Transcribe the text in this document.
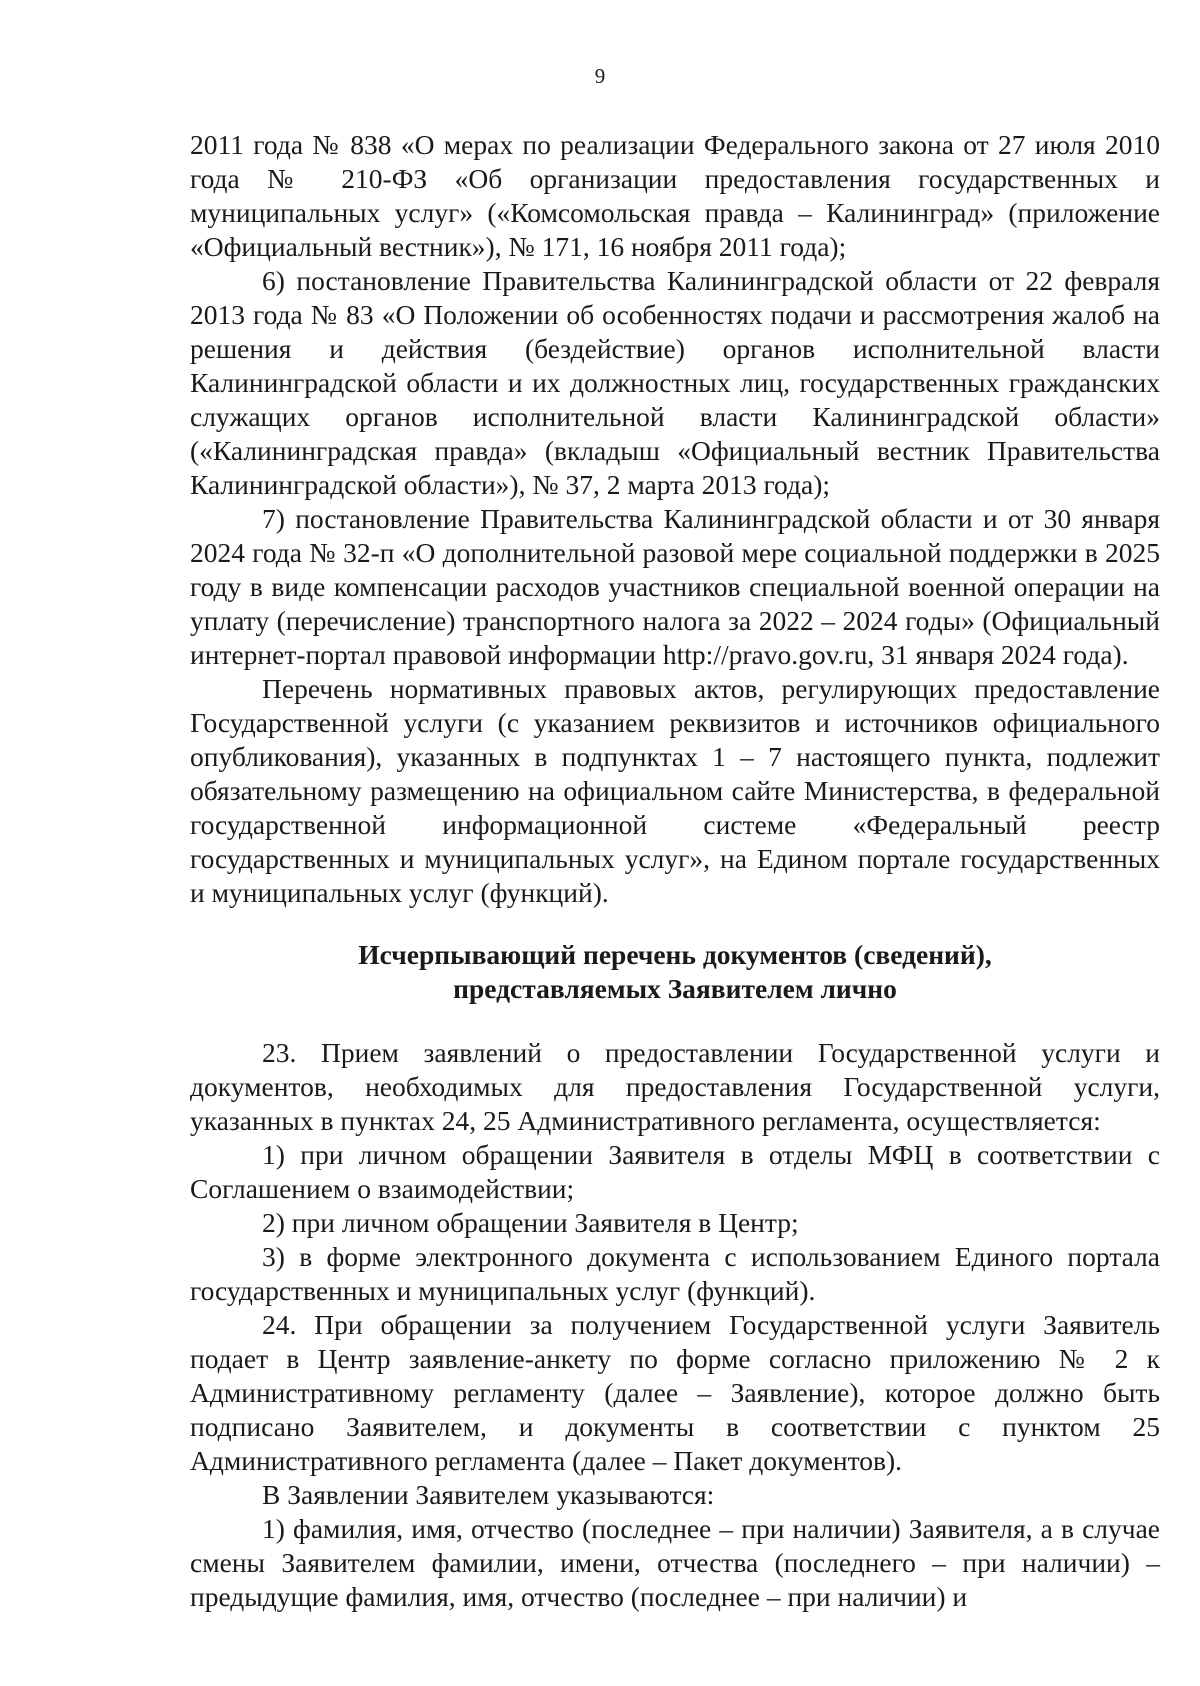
9

2011 года № 838 «О мерах по реализации Федерального закона от 27 июля 2010 года № 210-ФЗ «Об организации предоставления государственных и муниципальных услуг» («Комсомольская правда – Калининград» (приложение «Официальный вестник»), № 171, 16 ноября 2011 года);

6) постановление Правительства Калининградской области от 22 февраля 2013 года № 83 «О Положении об особенностях подачи и рассмотрения жалоб на решения и действия (бездействие) органов исполнительной власти Калининградской области и их должностных лиц, государственных гражданских служащих органов исполнительной власти Калининградской области» («Калининградская правда» (вкладыш «Официальный вестник Правительства Калининградской области»), № 37, 2 марта 2013 года);

7) постановление Правительства Калининградской области и от 30 января 2024 года № 32-п «О дополнительной разовой мере социальной поддержки в 2025 году в виде компенсации расходов участников специальной военной операции на уплату (перечисление) транспортного налога за 2022 – 2024 годы» (Официальный интернет-портал правовой информации http://pravo.gov.ru, 31 января 2024 года).

Перечень нормативных правовых актов, регулирующих предоставление Государственной услуги (с указанием реквизитов и источников официального опубликования), указанных в подпунктах 1 – 7 настоящего пункта, подлежит обязательному размещению на официальном сайте Министерства, в федеральной государственной информационной системе «Федеральный реестр государственных и муниципальных услуг», на Едином портале государственных и муниципальных услуг (функций).

Исчерпывающий перечень документов (сведений),
представляемых Заявителем лично

23. Прием заявлений о предоставлении Государственной услуги и документов, необходимых для предоставления Государственной услуги, указанных в пунктах 24, 25 Административного регламента, осуществляется:

1) при личном обращении Заявителя в отделы МФЦ в соответствии с Соглашением о взаимодействии;

2) при личном обращении Заявителя в Центр;

3) в форме электронного документа с использованием Единого портала государственных и муниципальных услуг (функций).

24. При обращении за получением Государственной услуги Заявитель подает в Центр заявление-анкету по форме согласно приложению № 2 к Административному регламенту (далее – Заявление), которое должно быть подписано Заявителем, и документы в соответствии с пунктом 25 Административного регламента (далее – Пакет документов).

В Заявлении Заявителем указываются:

1) фамилия, имя, отчество (последнее – при наличии) Заявителя, а в случае смены Заявителем фамилии, имени, отчества (последнего – при наличии) – предыдущие фамилия, имя, отчество (последнее – при наличии) и
